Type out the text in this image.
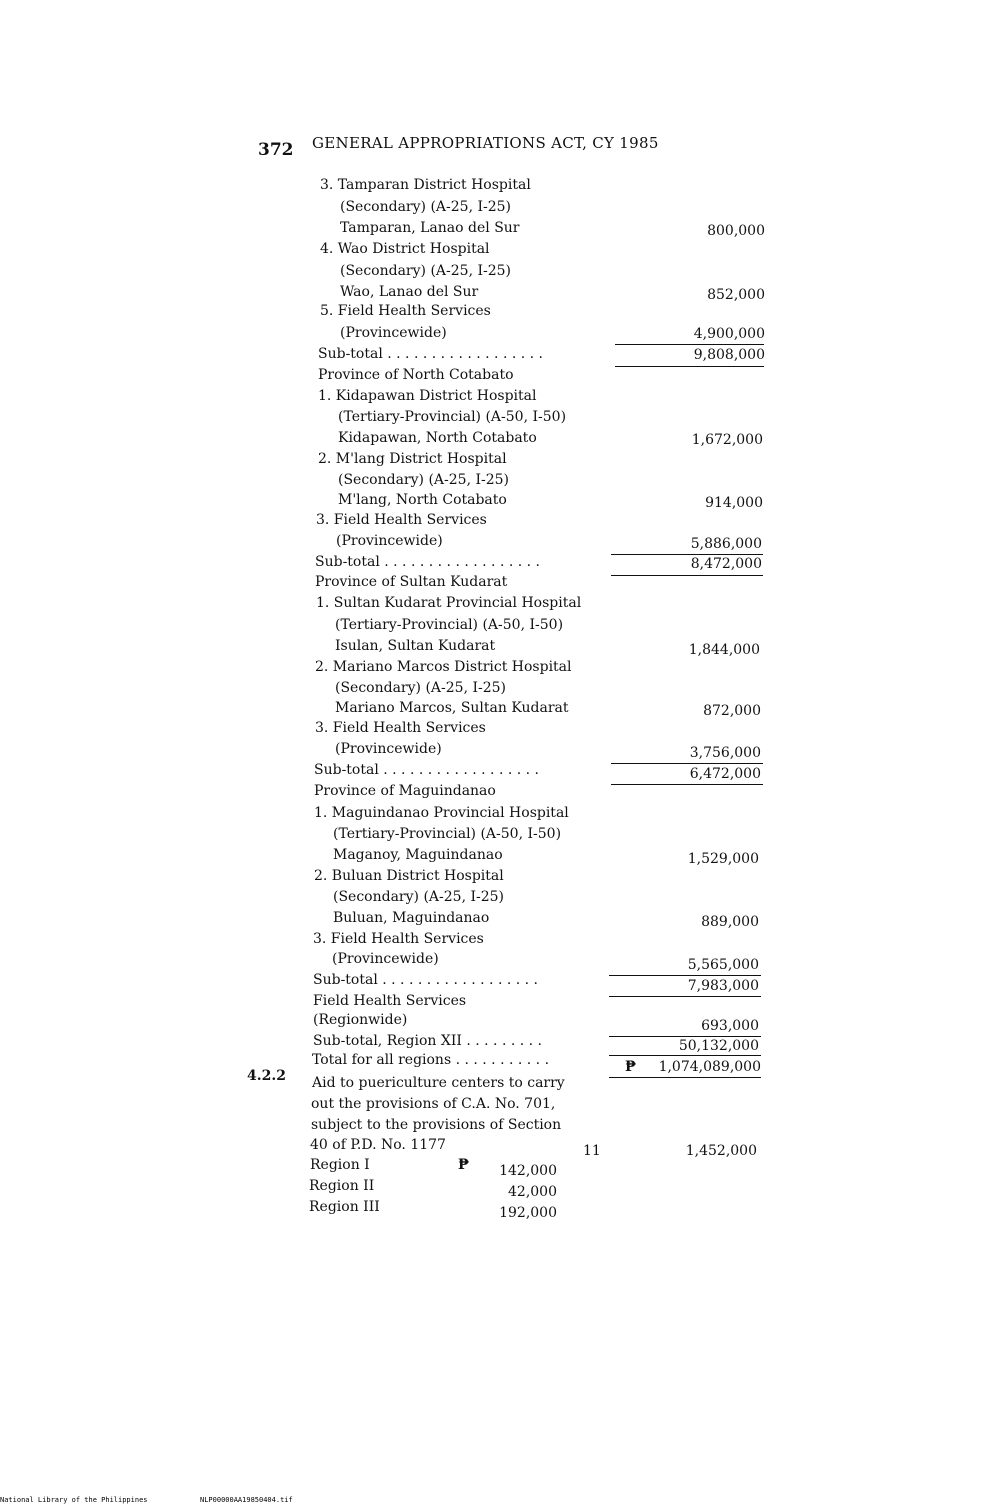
372 GENERAL APPROPRIATIONS ACT, CY 1985
3. Tamparan District Hospital
(Secondary) (A-25, I-25)
Tamparan, Lanao del Sur	800,000
4. Wao District Hospital
(Secondary) (A-25, I-25)
Wao, Lanao del Sur	852,000
5. Field Health Services
(Provincewide)	4,900,000
Sub-total . . . . . . . . . . . . . . . . . .	9,808,000
Province of North Cotabato
1. Kidapawan District Hospital
(Tertiary-Provincial) (A-50, I-50)
Kidapawan, North Cotabato	1,672,000
2. M'lang District Hospital
(Secondary) (A-25, I-25)
M'lang, North Cotabato	914,000
3. Field Health Services
(Provincewide)	5,886,000
Sub-total . . . . . . . . . . . . . . . . . .	8,472,000
Province of Sultan Kudarat
1. Sultan Kudarat Provincial Hospital
(Tertiary-Provincial) (A-50, I-50)
Isulan, Sultan Kudarat	1,844,000
2. Mariano Marcos District Hospital
(Secondary) (A-25, I-25)
Mariano Marcos, Sultan Kudarat	872,000
3. Field Health Services
(Provincewide)	3,756,000
Sub-total . . . . . . . . . . . . . . . . . .	6,472,000
Province of Maguindanao
1. Maguindanao Provincial Hospital
(Tertiary-Provincial) (A-50, I-50)
Maganoy, Maguindanao	1,529,000
2. Buluan District Hospital
(Secondary) (A-25, I-25)
Buluan, Maguindanao	889,000
3. Field Health Services
(Provincewide)	5,565,000
Sub-total . . . . . . . . . . . . . . . . . .	7,983,000
Field Health Services
(Regionwide)	693,000
Sub-total, Region XII . . . . . . . . .	50,132,000
Total for all regions . . . . . . . . . . .	₱	1,074,089,000
4.2.2 Aid to puericulture centers to carry
out the provisions of C.A. No. 701,
subject to the provisions of Section
40 of P.D. No. 1177	11	1,452,000
Region I	₱	142,000
Region II	42,000
Region III	192,000
National Library of the Philippines	NLP00000AA19850404.tif
